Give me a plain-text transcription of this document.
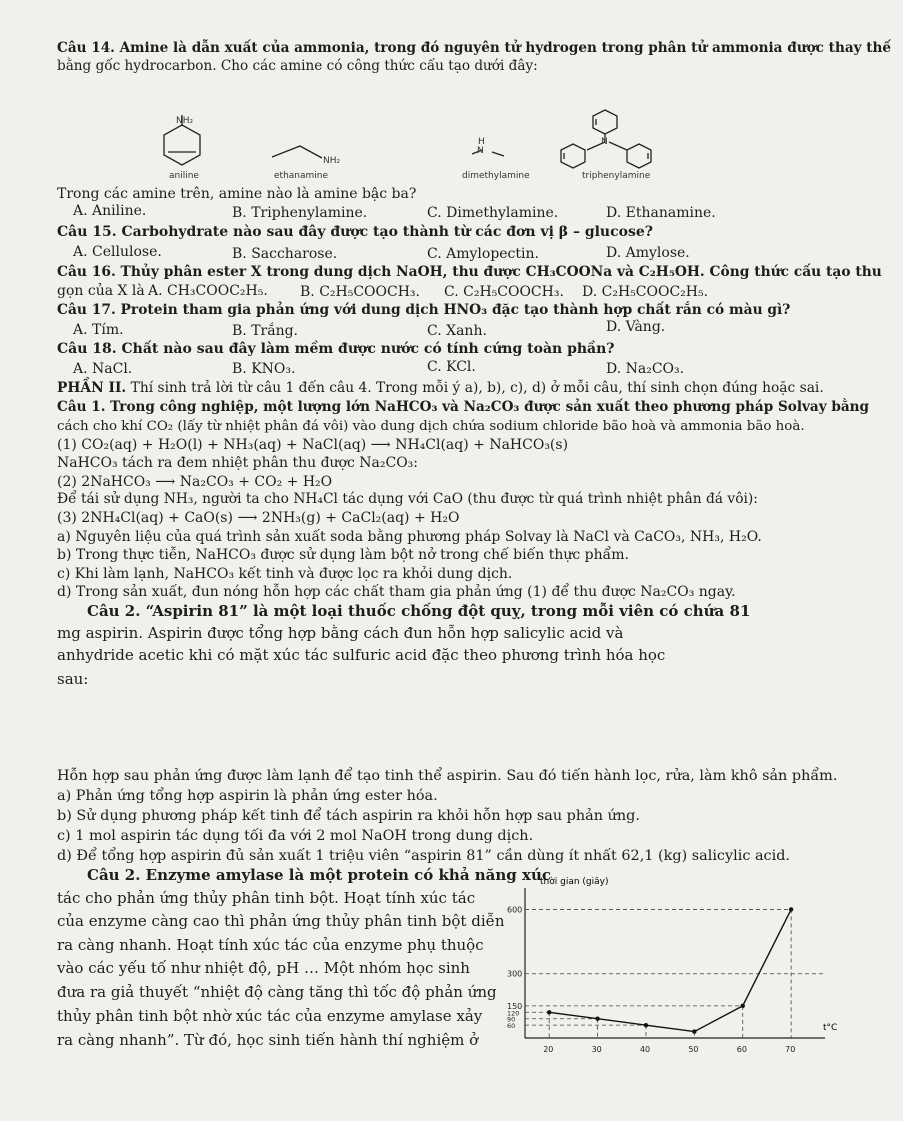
Câu 14. Amine là dẫn xuất của ammonia, trong đó nguyên tử hydrogen trong phân tử ammonia được thay thế
bằng gốc hydrocarbon. Cho các amine có công thức cấu tạo dưới đây:
NH₂
aniline
NH₂
ethanamine
H
N
dimethylamine
N
triphenylamine
Trong các amine trên, amine nào là amine bậc ba?
A. Aniline.	B. Triphenylamine.	C. Dimethylamine.	D. Ethanamine.
Câu 15. Carbohydrate nào sau đây được tạo thành từ các đơn vị β – glucose?
A. Cellulose.	B. Saccharose.	C. Amylopectin.	D. Amylose.
Câu 16. Thủy phân ester X trong dung dịch NaOH, thu được CH₃COONa và C₂H₅OH. Công thức cấu tạo thu
gọn của X là A. CH₃COOC₂H₅. B. C₂H₅COOCH₃. C. C₂H₅COOCH₃. D. C₂H₅COOC₂H₅.
Câu 17. Protein tham gia phản ứng với dung dịch HNO₃ đặc tạo thành hợp chất rắn có màu gì?
A. Tím.	B. Trắng.	C. Xanh.	D. Vàng.
Câu 18. Chất nào sau đây làm mềm được nước có tính cứng toàn phần?
A. NaCl.	B. KNO₃.	C. KCl.	D. Na₂CO₃.
PHẦN II. Thí sinh trả lời từ câu 1 đến câu 4. Trong mỗi ý a), b), c), d) ở mỗi câu, thí sinh chọn đúng hoặc sai.
Câu 1. Trong công nghiệp, một lượng lớn NaHCO₃ và Na₂CO₃ được sản xuất theo phương pháp Solvay bằng
cách cho khí CO₂ (lấy từ nhiệt phân đá vôi) vào dung dịch chứa sodium chloride bão hoà và ammonia bão hoà.
(1) CO₂(aq) + H₂O(l) + NH₃(aq) + NaCl(aq) ⟶ NH₄Cl(aq) + NaHCO₃(s)
NaHCO₃ tách ra đem nhiệt phân thu được Na₂CO₃:
(2) 2NaHCO₃ ⟶ Na₂CO₃ + CO₂ + H₂O
Để tái sử dụng NH₃, người ta cho NH₄Cl tác dụng với CaO (thu được từ quá trình nhiệt phân đá vôi):
(3) 2NH₄Cl(aq) + CaO(s) ⟶ 2NH₃(g) + CaCl₂(aq) + H₂O
a) Nguyên liệu của quá trình sản xuất soda bằng phương pháp Solvay là NaCl và CaCO₃, NH₃, H₂O.
b) Trong thực tiễn, NaHCO₃ được sử dụng làm bột nở trong chế biến thực phẩm.
c) Khi làm lạnh, NaHCO₃ kết tinh và được lọc ra khỏi dung dịch.
d) Trong sản xuất, đun nóng hỗn hợp các chất tham gia phản ứng (1) để thu được Na₂CO₃ ngay.
Câu 2. “Aspirin 81” là một loại thuốc chống đột quỵ, trong mỗi viên có chứa 81
mg aspirin. Aspirin được tổng hợp bằng cách đun hỗn hợp salicylic acid và
anhydride acetic khi có mặt xúc tác sulfuric acid đặc theo phương trình hóa học
sau:
Hỗn hợp sau phản ứng được làm lạnh để tạo tinh thể aspirin. Sau đó tiến hành lọc, rửa, làm khô sản phẩm.
a) Phản ứng tổng hợp aspirin là phản ứng ester hóa.
b) Sử dụng phương pháp kết tinh để tách aspirin ra khỏi hỗn hợp sau phản ứng.
c) 1 mol aspirin tác dụng tối đa với 2 mol NaOH trong dung dịch.
d) Để tổng hợp aspirin đủ sản xuất 1 triệu viên “aspirin 81” cần dùng ít nhất 62,1 (kg) salicylic acid.
Câu 2. Enzyme amylase là một protein có khả năng xúc
tác cho phản ứng thủy phân tinh bột. Hoạt tính xúc tác
của enzyme càng cao thì phản ứng thủy phân tinh bột diễn
ra càng nhanh. Hoạt tính xúc tác của enzyme phụ thuộc
vào các yếu tố như nhiệt độ, pH … Một nhóm học sinh
đưa ra giả thuyết “nhiệt độ càng tăng thì tốc độ phản ứng
thủy phân tinh bột nhờ xúc tác của enzyme amylase xảy
ra càng nhanh”. Từ đó, học sinh tiến hành thí nghiệm ở
thời gian (giây)
t°C
600
300
150
120
90
60
20	30	40	50	60	70
